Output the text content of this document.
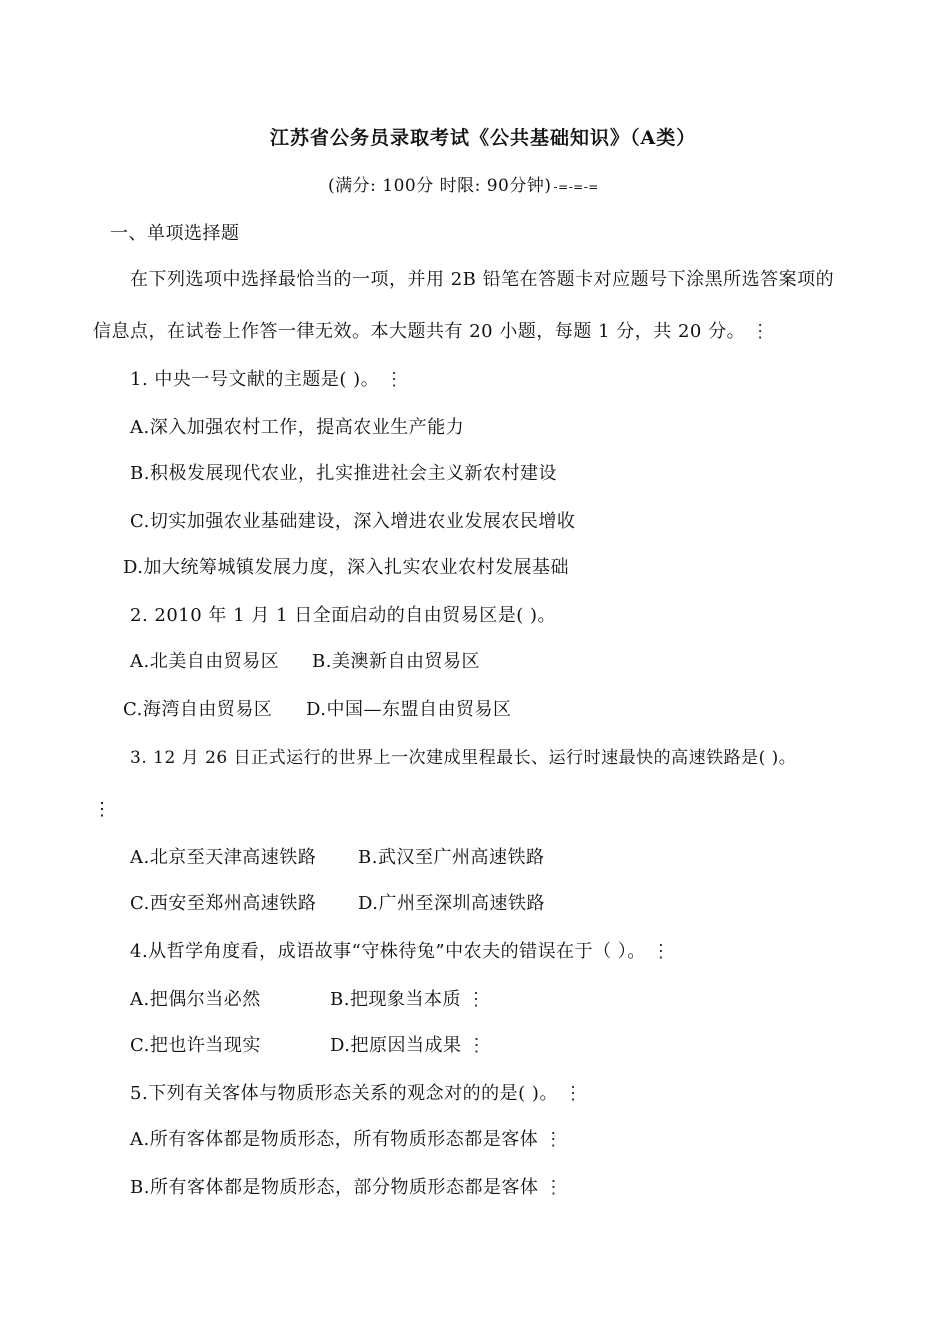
江苏省公务员录取考试《公共基础知识》（A类）
(满分: 100分 时限: 90分钟) -=-=-=
一、单项选择题
在下列选项中选择最恰当的一项，并用 2B 铅笔在答题卡对应题号下涂黑所选答案项的
信息点，在试卷上作答一律无效。本大题共有 20 小题，每题 1 分，共 20 分。 ⋮
1. 中央一号文献的主题是( )。 ⋮
A.深入加强农村工作，提高农业生产能力
B.积极发展现代农业，扎实推进社会主义新农村建设
C.切实加强农业基础建设，深入增进农业发展农民增收
D.加大统筹城镇发展力度，深入扎实农业农村发展基础
2. 2010 年 1 月 1 日全面启动的自由贸易区是( )。
A.北美自由贸易区 B.美澳新自由贸易区
C.海湾自由贸易区 D.中国—东盟自由贸易区
3. 12 月 26 日正式运行的世界上一次建成里程最长、运行时速最快的高速铁路是( )。
⋮
A.北京至天津高速铁路 B.武汉至广州高速铁路
C.西安至郑州高速铁路 D.广州至深圳高速铁路
4.从哲学角度看，成语故事“守株待兔”中农夫的错误在于（ ）。 ⋮
A.把偶尔当必然	B.把现象当本质 ⋮
C.把也许当现实	D.把原因当成果 ⋮
5.下列有关客体与物质形态关系的观念对的的是( )。 ⋮
A.所有客体都是物质形态，所有物质形态都是客体 ⋮
B.所有客体都是物质形态，部分物质形态都是客体 ⋮
